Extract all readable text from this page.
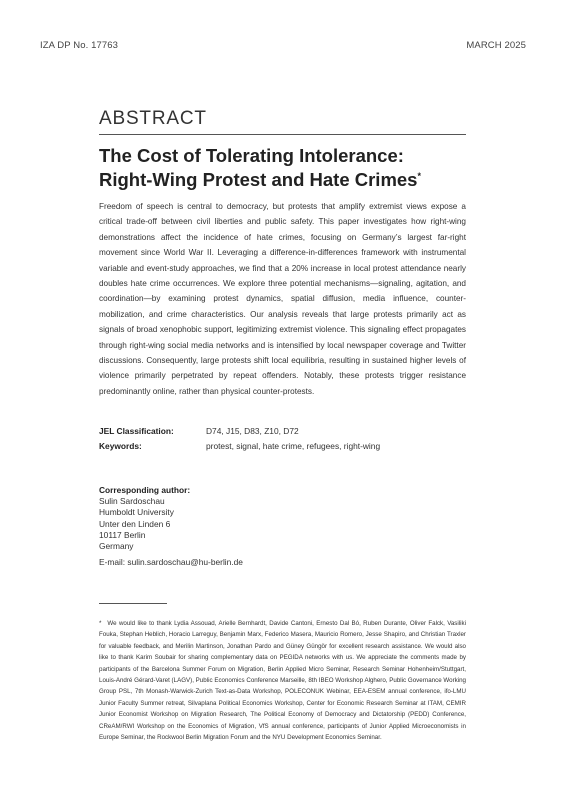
IZA DP No. 17763	MARCH 2025
ABSTRACT
The Cost of Tolerating Intolerance:
Right-Wing Protest and Hate Crimes*

Freedom of speech is central to democracy, but protests that amplify extremist views expose a critical trade-off between civil liberties and public safety. This paper investigates how right-wing demonstrations affect the incidence of hate crimes, focusing on Germany’s largest far-right movement since World War II. Leveraging a difference-in-differences framework with instrumental variable and event-study approaches, we find that a 20% increase in local protest attendance nearly doubles hate crime occurrences. We explore three potential mechanisms—signaling, agitation, and coordination—by examining protest dynamics, spatial diffusion, media influence, counter-mobilization, and crime characteristics. Our analysis reveals that large protests primarily act as signals of broad xenophobic support, legitimizing extremist violence. This signaling effect propagates through right-wing social media networks and is intensified by local newspaper coverage and Twitter discussions. Consequently, large protests shift local equilibria, resulting in sustained higher levels of violence primarily perpetrated by repeat offenders. Notably, these protests trigger resistance predominantly online, rather than physical counter-protests.

JEL Classification:	D74, J15, D83, Z10, D72
Keywords:	protest, signal, hate crime, refugees, right-wing
Corresponding author:
Sulin Sardoschau
Humboldt University
Unter den Linden 6
10117 Berlin
Germany
E-mail: sulin.sardoschau@hu-berlin.de

* We would like to thank Lydia Assouad, Arielle Bernhardt, Davide Cantoni, Ernesto Dal Bó, Ruben Durante, Oliver Falck, Vasiliki Fouka, Stephan Heblich, Horacio Larreguy, Benjamin Marx, Federico Masera, Mauricio Romero, Jesse Shapiro, and Christian Traxler for valuable feedback, and Merilin Martinson, Jonathan Pardo and Güney Güngör for excellent research assistance. We would also like to thank Karim Soubair for sharing complementary data on PEGIDA networks with us. We appreciate the comments made by participants of the Barcelona Summer Forum on Migration, Berlin Applied Micro Seminar, Research Seminar Hohenheim/Stuttgart, Louis-André Gérard-Varet (LAGV), Public Economics Conference Marseille, 8th IBEO Workshop Alghero, Public Governance Working Group PSL, 7th Monash-Warwick-Zurich Text-as-Data Workshop, POLECONUK Webinar, EEA-ESEM annual conference, ifo-LMU Junior Faculty Summer retreat, Silvaplana Political Economics Workshop, Center for Economic Research Seminar at ITAM, CEMIR Junior Economist Workshop on Migration Research, The Political Economy of Democracy and Dictatorship (PEDD) Conference, CReAM/RWI Workshop on the Economics of Migration, VfS annual conference, participants of Junior Applied Microeconomists in Europe Seminar, the Rockwool Berlin Migration Forum and the NYU Development Economics Seminar.
